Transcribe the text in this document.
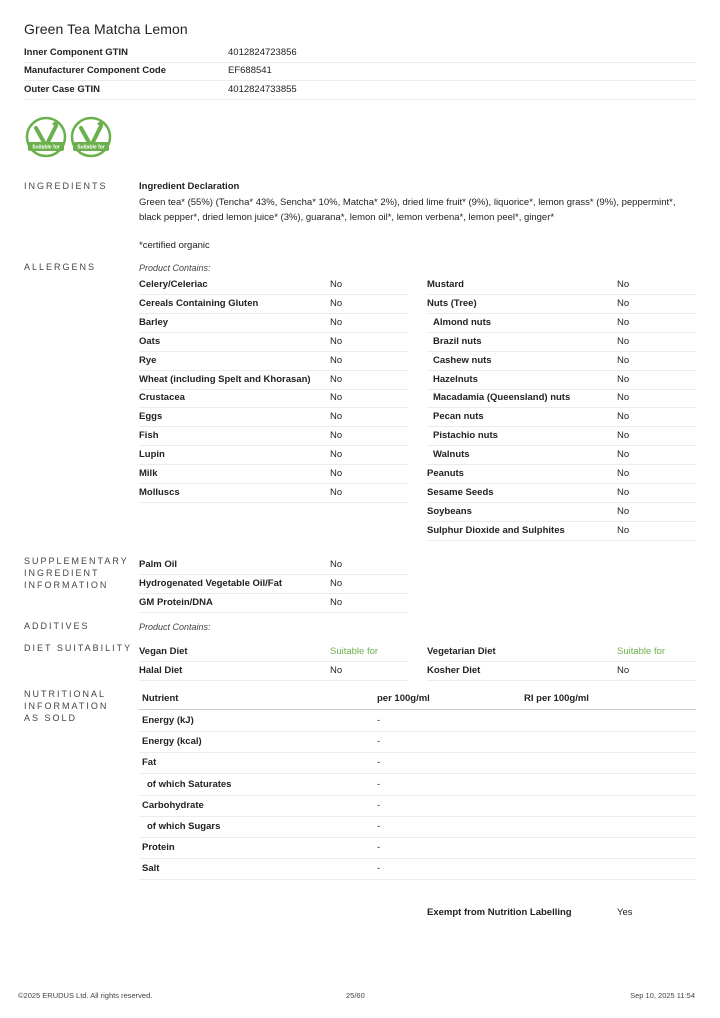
Green Tea Matcha Lemon
Inner Component GTIN	4012824723856
Manufacturer Component Code	EF688541
Outer Case GTIN	4012824733855
Suitable for	Suitable for
INGREDIENTS	Ingredient Declaration
Green tea* (55%) (Tencha* 43%, Sencha* 10%, Matcha* 2%), dried lime fruit* (9%), liquorice*, lemon grass* (9%), peppermint*, black pepper*, dried lemon juice* (3%), guarana*, lemon oil*, lemon verbena*, lemon peel*, ginger*
*certified organic
ALLERGENS	Product Contains:
Celery/Celeriac	No
Cereals Containing Gluten	No
Barley	No
Oats	No
Rye	No
Wheat (including Spelt and Khorasan) No
Crustacea	No
Eggs	No
Fish	No
Lupin	No
Milk	No
Molluscs	No
Mustard	No
Nuts (Tree)	No
Almond nuts	No
Brazil nuts	No
Cashew nuts	No
Hazelnuts	No
Macadamia (Queensland) nuts	No
Pecan nuts	No
Pistachio nuts	No
Walnuts	No
Peanuts	No
Sesame Seeds	No
Soybeans	No
Sulphur Dioxide and Sulphites	No
SUPPLEMENTARY INGREDIENT INFORMATION
Palm Oil	No
Hydrogenated Vegetable Oil/Fat	No
GM Protein/DNA	No
ADDITIVES	Product Contains:
DIET SUITABILITY Vegan Diet	Suitable for	Vegetarian Diet	Suitable for
Halal Diet	No	Kosher Diet	No
NUTRITIONAL INFORMATION AS SOLD
Nutrient	per 100g/ml	RI per 100g/ml
Energy (kJ)	-
Energy (kcal)	-
Fat	-
of which Saturates	-
Carbohydrate	-
of which Sugars	-
Protein	-
Salt	-
Exempt from Nutrition Labelling	Yes
©2025 ERUDUS Ltd. All rights reserved.	25/60	Sep 10, 2025 11:54
